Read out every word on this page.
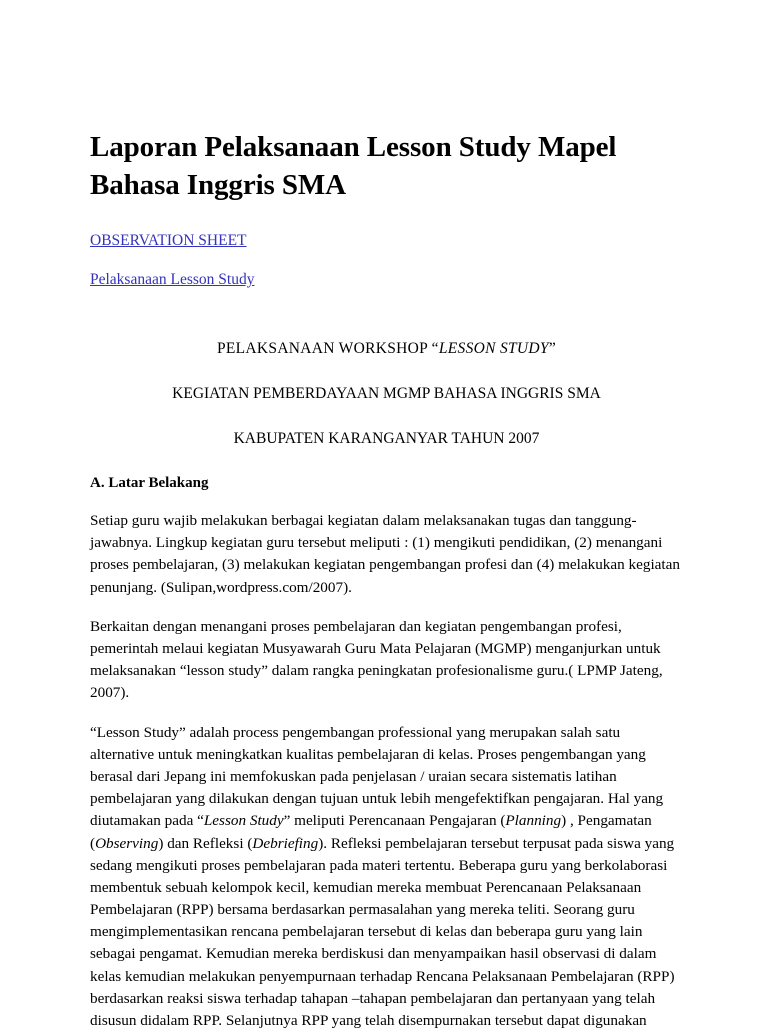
Laporan Pelaksanaan Lesson Study Mapel Bahasa Inggris SMA

OBSERVATION SHEET

Pelaksanaan Lesson Study

PELAKSANAAN WORKSHOP “LESSON STUDY”

KEGIATAN PEMBERDAYAAN MGMP BAHASA INGGRIS SMA

KABUPATEN KARANGANYAR TAHUN 2007

A. Latar Belakang

Setiap guru wajib melakukan berbagai kegiatan dalam melaksanakan tugas dan tanggung-jawabnya. Lingkup kegiatan guru tersebut meliputi : (1) mengikuti pendidikan, (2) menangani proses pembelajaran, (3) melakukan kegiatan pengembangan profesi dan (4) melakukan kegiatan penunjang. (Sulipan,wordpress.com/2007).

Berkaitan dengan menangani proses pembelajaran dan kegiatan pengembangan profesi, pemerintah melaui kegiatan Musyawarah Guru Mata Pelajaran (MGMP) menganjurkan untuk melaksanakan “lesson study” dalam rangka peningkatan profesionalisme guru.( LPMP Jateng, 2007).

“Lesson Study” adalah process pengembangan professional yang merupakan salah satu alternative untuk meningkatkan kualitas pembelajaran di kelas. Proses pengembangan yang berasal dari Jepang ini memfokuskan pada penjelasan / uraian secara sistematis latihan pembelajaran yang dilakukan dengan tujuan untuk lebih mengefektifkan pengajaran. Hal yang diutamakan pada “Lesson Study” meliputi Perencanaan Pengajaran (Planning) , Pengamatan (Observing) dan Refleksi (Debriefing). Refleksi pembelajaran tersebut terpusat pada siswa yang sedang mengikuti proses pembelajaran pada materi tertentu. Beberapa guru yang berkolaborasi membentuk sebuah kelompok kecil, kemudian mereka membuat Perencanaan Pelaksanaan Pembelajaran (RPP) bersama berdasarkan permasalahan yang mereka teliti. Seorang guru mengimplementasikan rencana pembelajaran tersebut di kelas dan beberapa guru yang lain sebagai pengamat. Kemudian mereka berdiskusi dan menyampaikan hasil observasi di dalam kelas kemudian melakukan penyempurnaan terhadap Rencana Pelaksanaan Pembelajaran (RPP) berdasarkan reaksi siswa terhadap tahapan –tahapan pembelajaran dan pertanyaan yang telah disusun didalam RPP. Selanjutnya RPP yang telah disempurnakan tersebut dapat digunakan
